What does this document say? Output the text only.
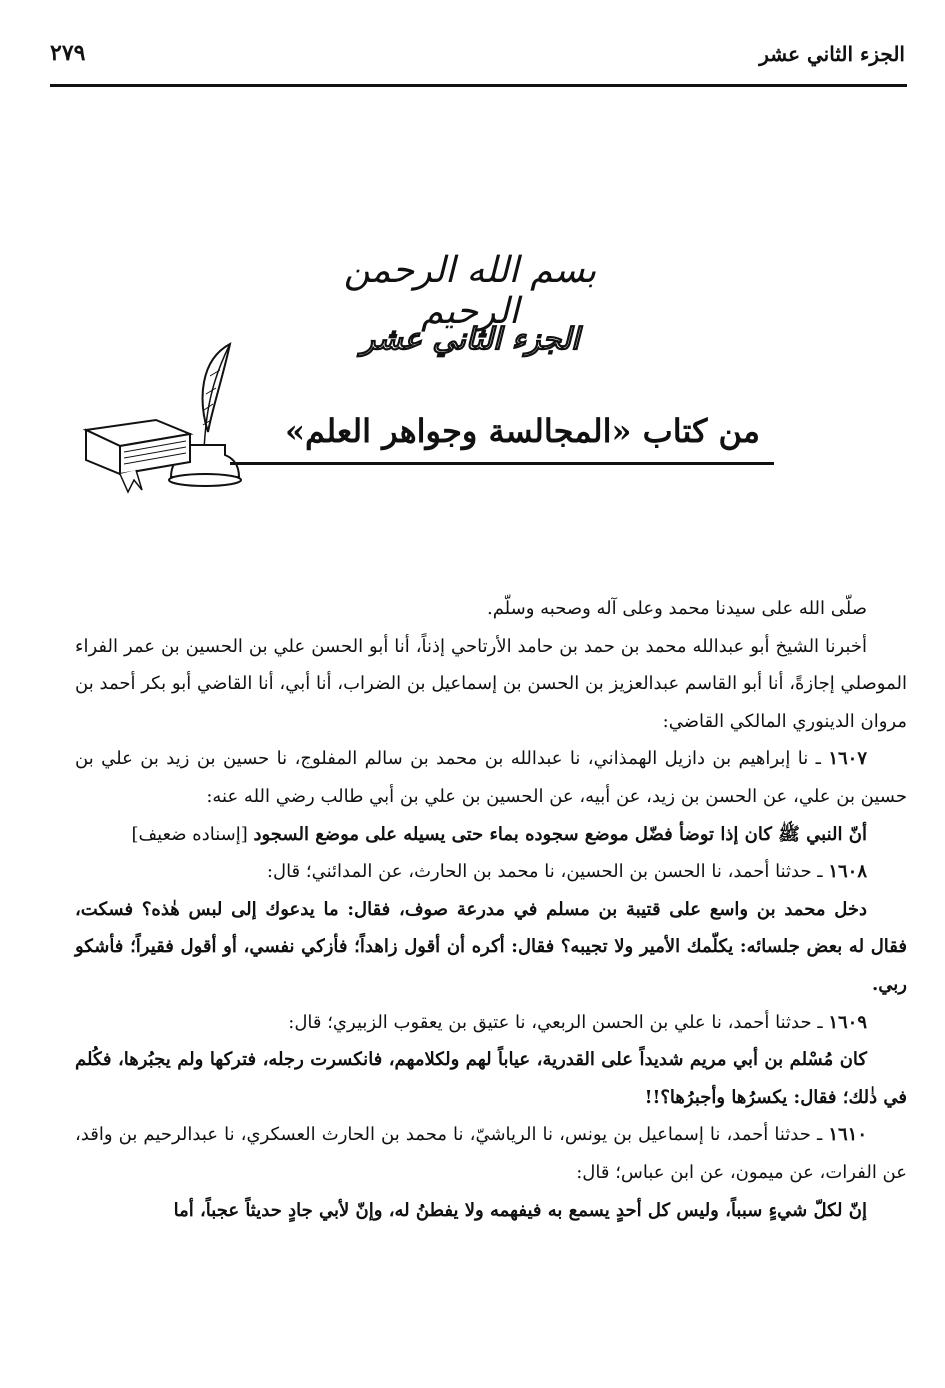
الجزء الثاني عشر
٢٧٩
بسم الله الرحمن الرحيم
الجزء الثاني عشر
من كتاب «المجالسة وجواهر العلم»

صلّى الله على سيدنا محمد وعلى آله وصحبه وسلّم.

أخبرنا الشيخ أبو عبدالله محمد بن حمد بن حامد الأرتاحي إذناً، أنا أبو الحسن علي بن الحسين بن عمر الفراء الموصلي إجازةً، أنا أبو القاسم عبدالعزيز بن الحسن بن إسماعيل بن الضراب، أنا أبي، أنا القاضي أبو بكر أحمد بن مروان الدينوري المالكي القاضي:

١٦٠٧ ـ نا إبراهيم بن دازيل الهمذاني، نا عبدالله بن محمد بن سالم المفلوج، نا حسين بن زيد بن علي بن حسين بن علي، عن الحسن بن زيد، عن أبيه، عن الحسين بن علي بن أبي طالب رضي الله عنه:

أنّ النبي ﷺ كان إذا توضأ فضّل موضع سجوده بماء حتى يسيله على موضع السجود [إسناده ضعيف]

١٦٠٨ ـ حدثنا أحمد، نا الحسن بن الحسين، نا محمد بن الحارث، عن المدائني؛ قال:

دخل محمد بن واسع على قتيبة بن مسلم في مدرعة صوف، فقال: ما يدعوك إلى لبس هٰذه؟ فسكت، فقال له بعض جلسائه: يكلّمك الأمير ولا تجيبه؟ فقال: أكره أن أقول زاهداً؛ فأزكي نفسي، أو أقول فقيراً؛ فأشكو ربي.

١٦٠٩ ـ حدثنا أحمد، نا علي بن الحسن الربعي، نا عتيق بن يعقوب الزبيري؛ قال:

كان مُسْلم بن أبي مريم شديداً على القدرية، عياباً لهم ولكلامهم، فانكسرت رجله، فتركها ولم يجبُرها، فكُلم في ذٰلك؛ فقال: يكسرُها وأجبرُها؟!!

١٦١٠ ـ حدثنا أحمد، نا إسماعيل بن يونس، نا الرياشيّ، نا محمد بن الحارث العسكري، نا عبدالرحيم بن واقد، عن الفرات، عن ميمون، عن ابن عباس؛ قال:

إنّ لكلّ شيءٍ سبباً، وليس كل أحدٍ يسمع به فيفهمه ولا يفطنُ له، وإنّ لأبي جادٍ حديثاً عجباً، أما
